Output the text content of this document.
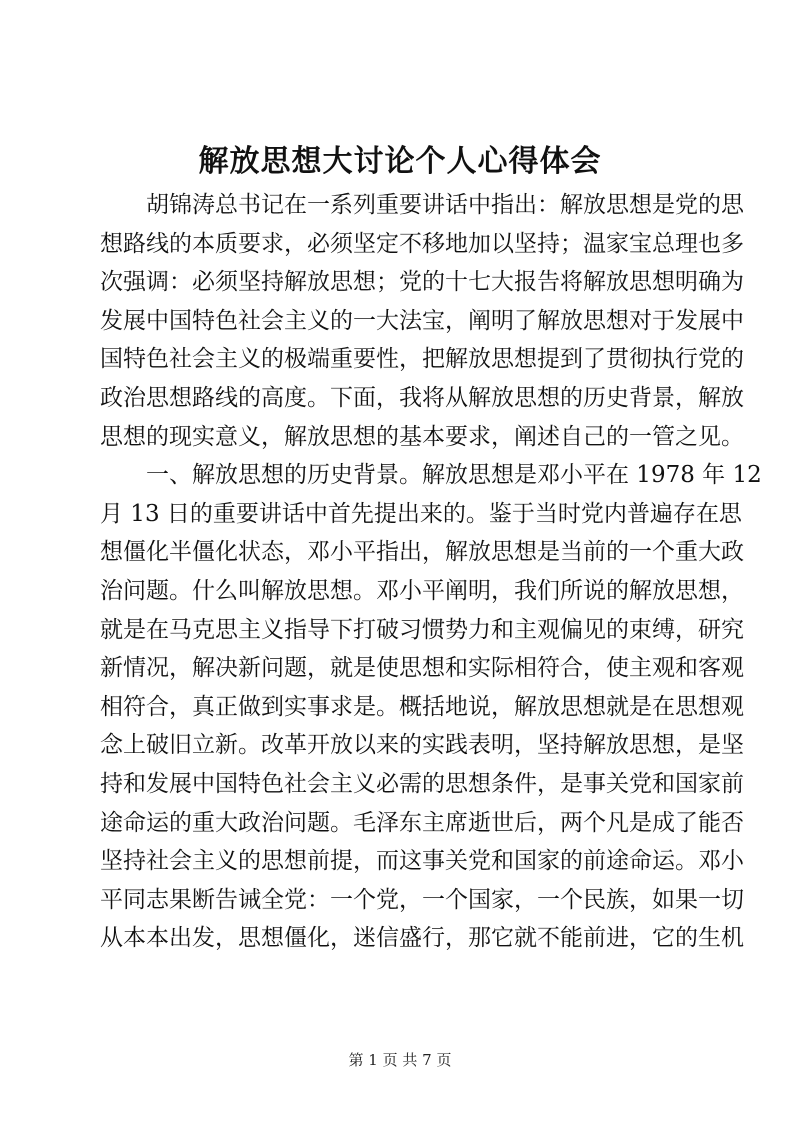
解放思想大讨论个人心得体会
胡锦涛总书记在一系列重要讲话中指出：解放思想是党的思
想路线的本质要求，必须坚定不移地加以坚持；温家宝总理也多
次强调：必须坚持解放思想；党的十七大报告将解放思想明确为
发展中国特色社会主义的一大法宝，阐明了解放思想对于发展中
国特色社会主义的极端重要性，把解放思想提到了贯彻执行党的
政治思想路线的高度。下面，我将从解放思想的历史背景，解放
思想的现实意义，解放思想的基本要求，阐述自己的一管之见。
一、解放思想的历史背景。解放思想是邓小平在 1978 年 12
月 13 日的重要讲话中首先提出来的。鉴于当时党内普遍存在思
想僵化半僵化状态，邓小平指出，解放思想是当前的一个重大政
治问题。什么叫解放思想。邓小平阐明，我们所说的解放思想，
就是在马克思主义指导下打破习惯势力和主观偏见的束缚，研究
新情况，解决新问题，就是使思想和实际相符合，使主观和客观
相符合，真正做到实事求是。概括地说，解放思想就是在思想观
念上破旧立新。改革开放以来的实践表明，坚持解放思想，是坚
持和发展中国特色社会主义必需的思想条件，是事关党和国家前
途命运的重大政治问题。毛泽东主席逝世后，两个凡是成了能否
坚持社会主义的思想前提，而这事关党和国家的前途命运。邓小
平同志果断告诫全党：一个党，一个国家，一个民族，如果一切
从本本出发，思想僵化，迷信盛行，那它就不能前进，它的生机
第 1 页 共 7 页
